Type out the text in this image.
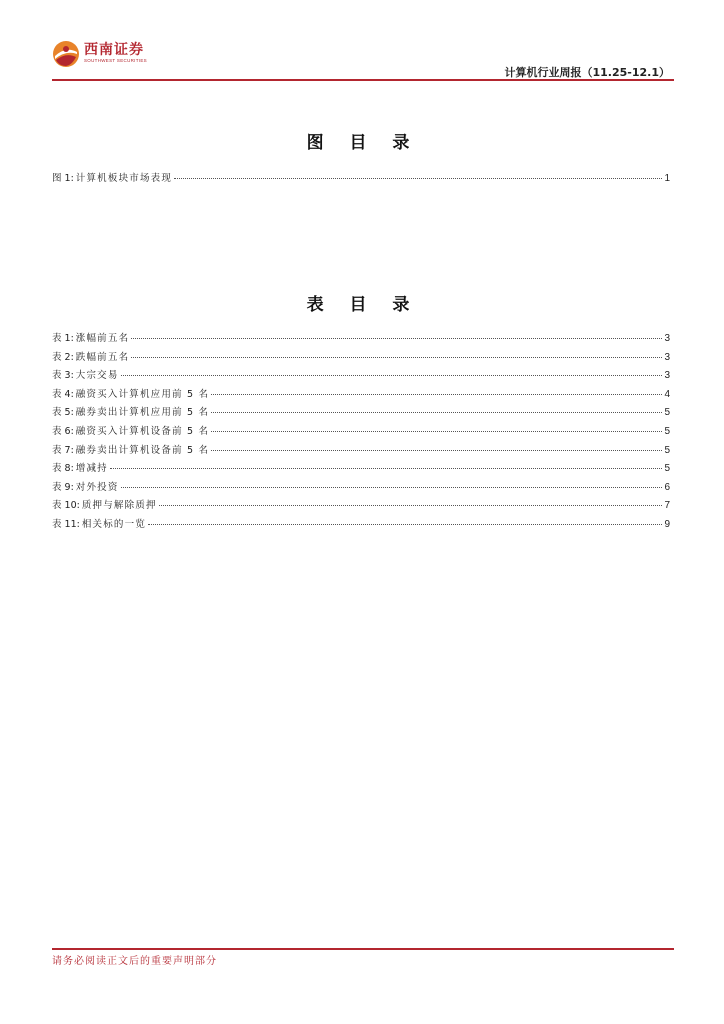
西南证券
SOUTHWEST SECURITIES
计算机行业周报（11.25-12.1）
图 目 录
图 1: 计算机板块市场表现	1
表 目 录
表 1: 涨幅前五名	3
表 2: 跌幅前五名	3
表 3: 大宗交易	3
表 4: 融资买入计算机应用前 5 名	4
表 5: 融券卖出计算机应用前 5 名	5
表 6: 融资买入计算机设备前 5 名	5
表 7: 融券卖出计算机设备前 5 名	5
表 8: 增减持	5
表 9: 对外投资	6
表 10: 质押与解除质押	7
表 11: 相关标的一览	9
请务必阅读正文后的重要声明部分
